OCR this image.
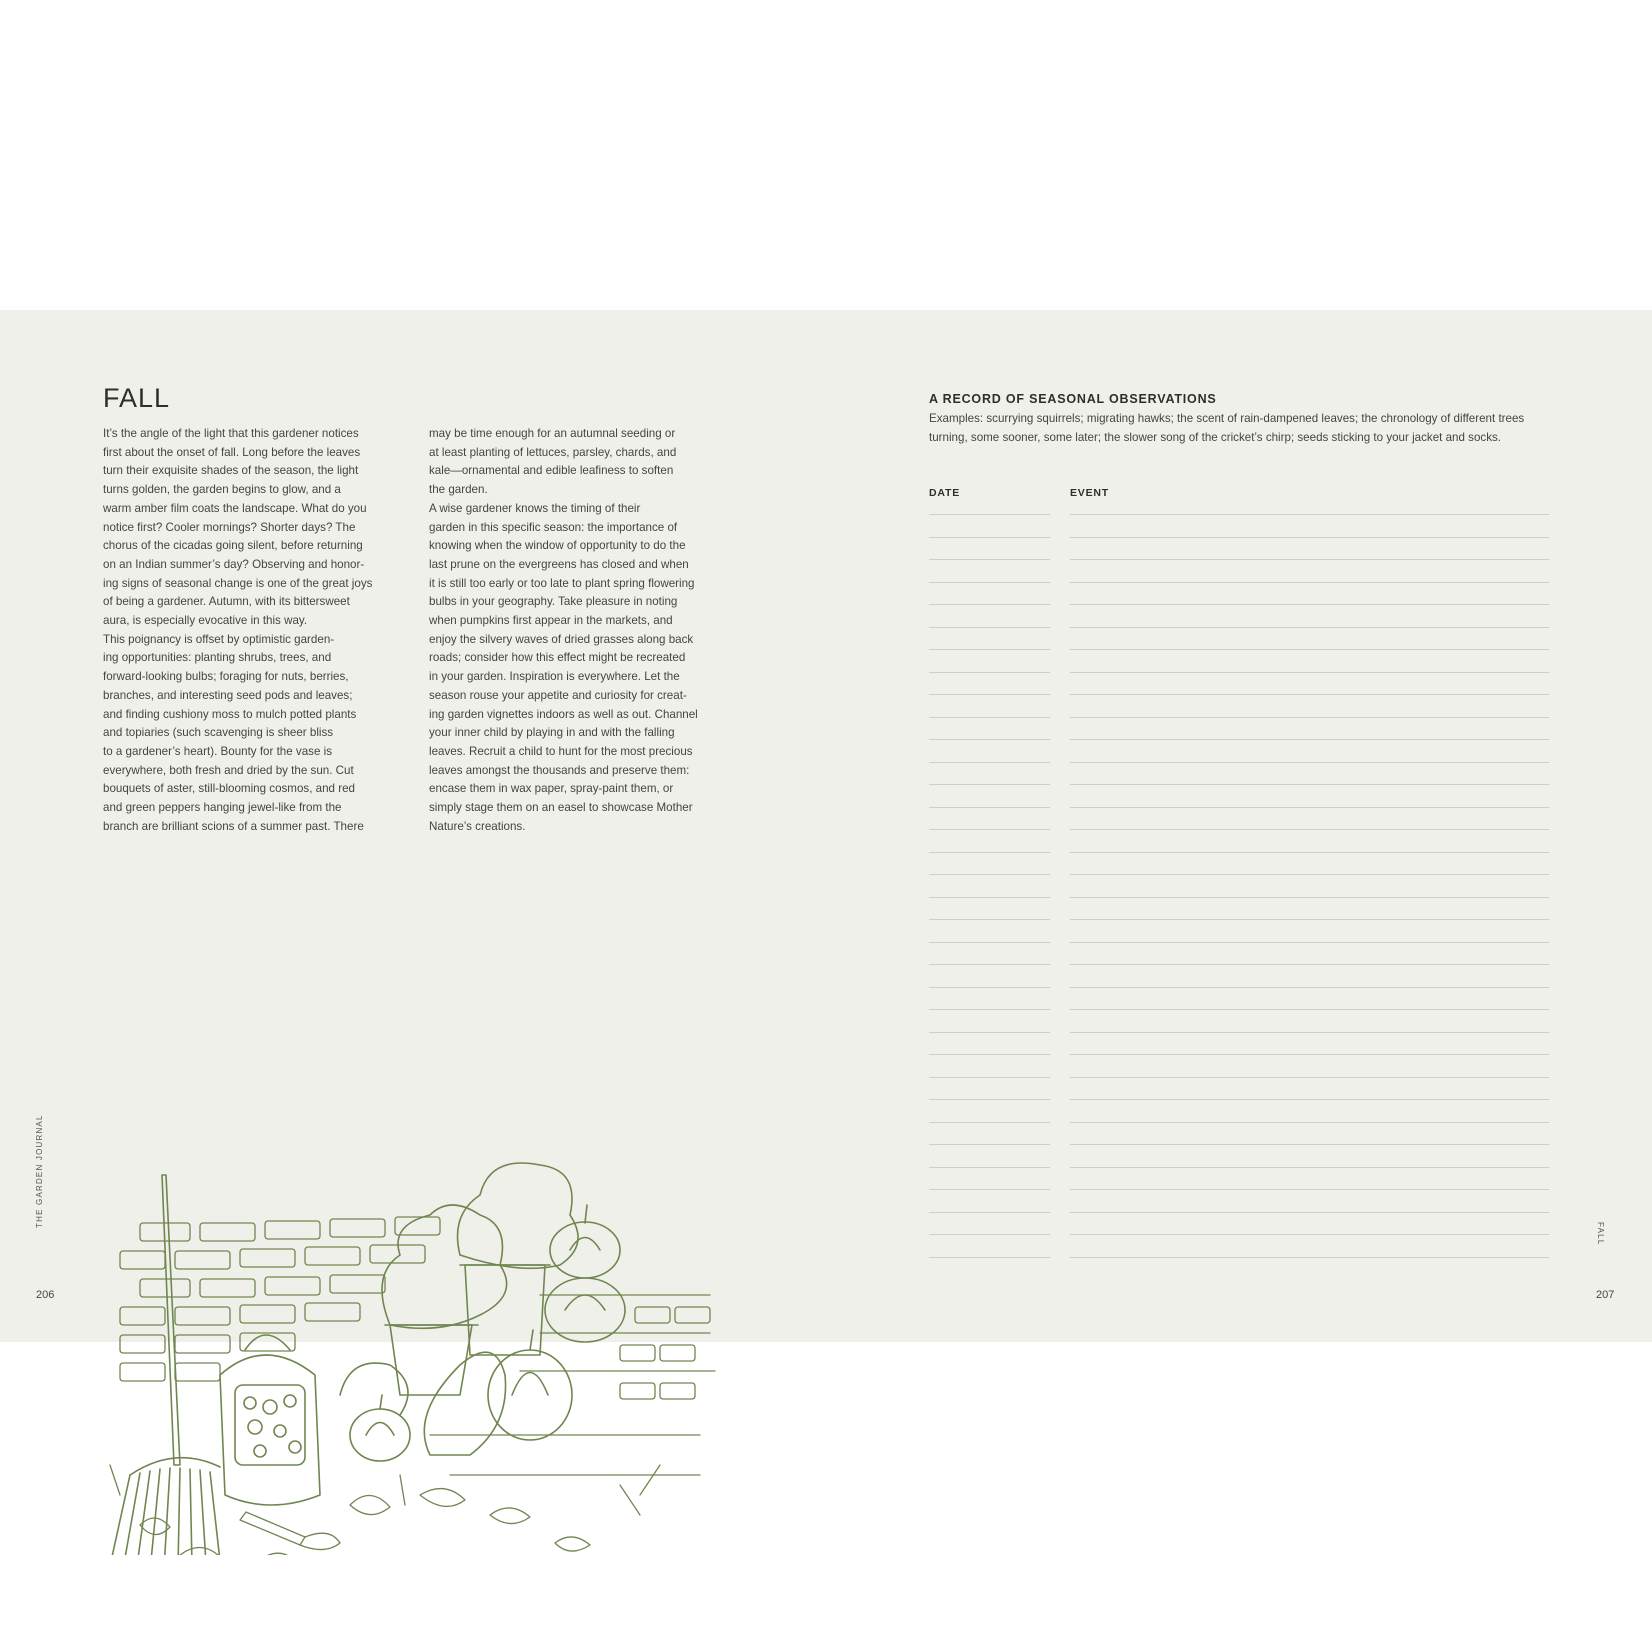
FALL

It’s the angle of the light that this gardener notices
first about the onset of fall. Long before the leaves
turn their exquisite shades of the season, the light
turns golden, the garden begins to glow, and a
warm amber film coats the landscape. What do you
notice first? Cooler mornings? Shorter days? The
chorus of the cicadas going silent, before returning
on an Indian summer’s day? Observing and honor-
ing signs of seasonal change is one of the great joys
of being a gardener. Autumn, with its bittersweet
aura, is especially evocative in this way.
This poignancy is offset by optimistic garden-
ing opportunities: planting shrubs, trees, and
forward-looking bulbs; foraging for nuts, berries,
branches, and interesting seed pods and leaves;
and finding cushiony moss to mulch potted plants
and topiaries (such scavenging is sheer bliss
to a gardener’s heart). Bounty for the vase is
everywhere, both fresh and dried by the sun. Cut
bouquets of aster, still-blooming cosmos, and red
and green peppers hanging jewel-like from the
branch are brilliant scions of a summer past. There

may be time enough for an autumnal seeding or
at least planting of lettuces, parsley, chards, and
kale—ornamental and edible leafiness to soften
the garden.
A wise gardener knows the timing of their
garden in this specific season: the importance of
knowing when the window of opportunity to do the
last prune on the evergreens has closed and when
it is still too early or too late to plant spring flowering
bulbs in your geography. Take pleasure in noting
when pumpkins first appear in the markets, and
enjoy the silvery waves of dried grasses along back
roads; consider how this effect might be recreated
in your garden. Inspiration is everywhere. Let the
season rouse your appetite and curiosity for creat-
ing garden vignettes indoors as well as out. Channel
your inner child by playing in and with the falling
leaves. Recruit a child to hunt for the most precious
leaves amongst the thousands and preserve them:
encase them in wax paper, spray-paint them, or
simply stage them on an easel to showcase Mother
Nature’s creations.

THE GARDEN JOURNAL
206
A RECORD OF SEASONAL OBSERVATIONS

Examples: scurrying squirrels; migrating hawks; the scent of rain-dampened leaves; the chronology of different trees turning, some sooner, some later; the slower song of the cricket’s chirp; seeds sticking to your jacket and socks.

DATE	EVENT
FALL
207
